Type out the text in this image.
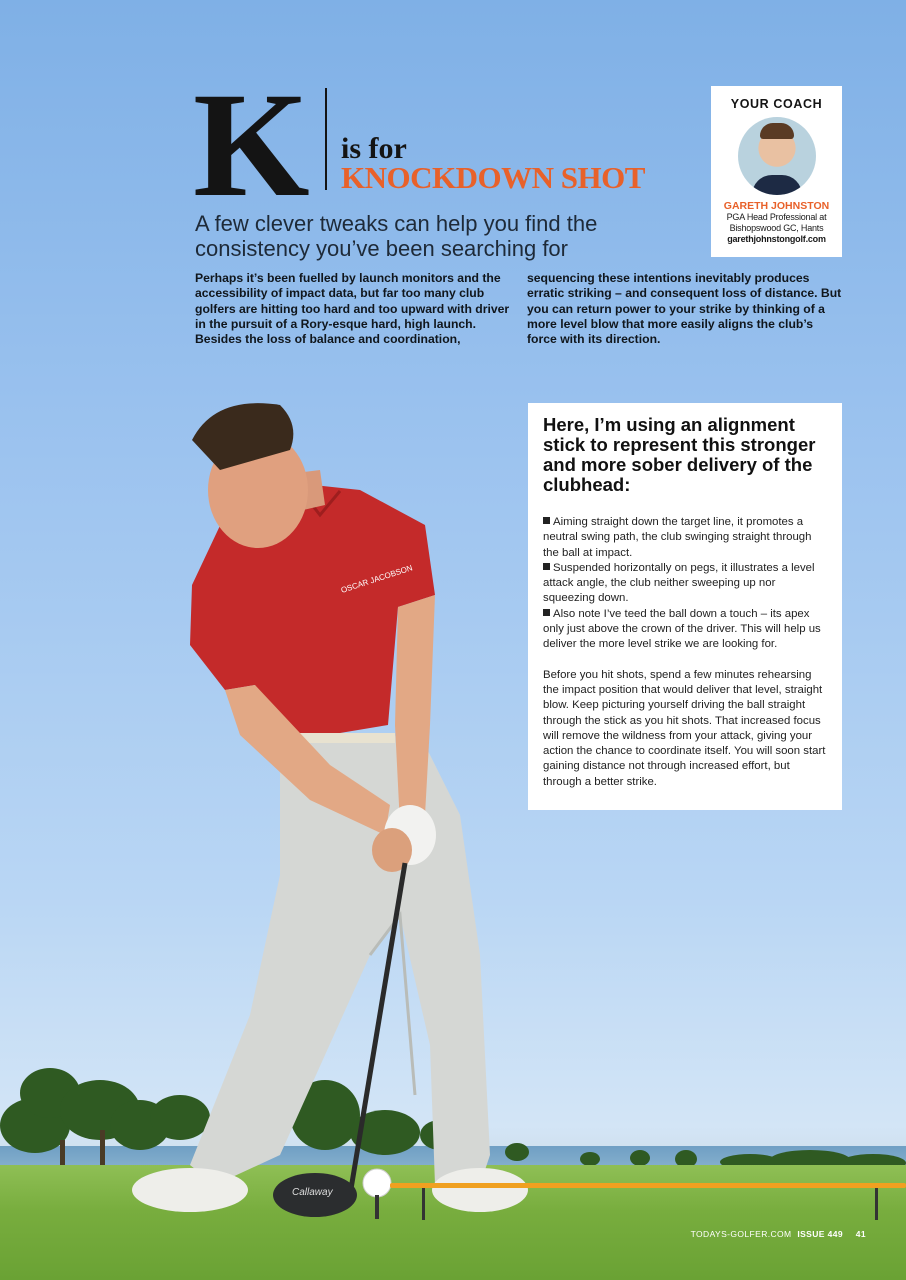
Callaway
OSCAR JACOBSON
K is for
KNOCKDOWN SHOT
A few clever tweaks can help you find the consistency you’ve been searching for
Perhaps it’s been fuelled by launch monitors and the accessibility of impact data, but far too many club golfers are hitting too hard and too upward with driver in the pursuit of a Rory-esque hard, high launch. Besides the loss of balance and coordination,
sequencing these intentions inevitably produces erratic striking – and consequent loss of distance. But you can return power to your strike by thinking of a more level blow that more easily aligns the club’s force with its direction.
YOUR COACH
GARETH JOHNSTON
PGA Head Professional at Bishopswood GC, Hants
garethjohnstongolf.com
Here, I’m using an alignment stick to represent this stronger and more sober delivery of the clubhead:

Aiming straight down the target line, it promotes a neutral swing path, the club swinging straight through the ball at impact.

Suspended horizontally on pegs, it illustrates a level attack angle, the club neither sweeping up nor squeezing down.

Also note I’ve teed the ball down a touch – its apex only just above the crown of the driver. This will help us deliver the more level strike we are looking for.

Before you hit shots, spend a few minutes rehearsing the impact position that would deliver that level, straight blow. Keep picturing yourself driving the ball straight through the stick as you hit shots. That increased focus will remove the wildness from your attack, giving your action the chance to coordinate itself. You will soon start gaining distance not through increased effort, but through a better strike.

TODAYS-GOLFER.COM ISSUE 449 41
